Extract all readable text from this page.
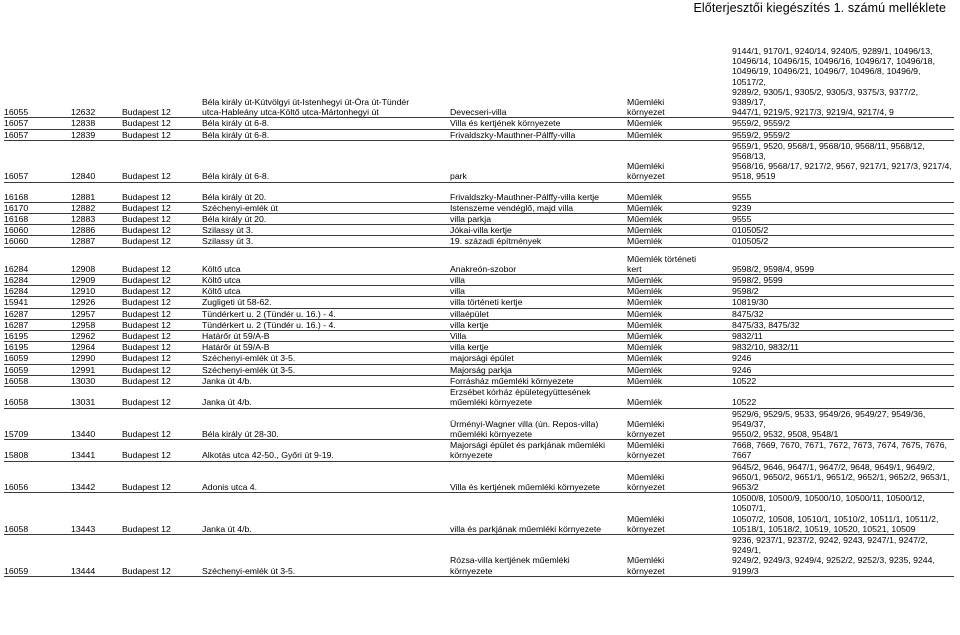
Előterjesztői kiegészítés 1. számú melléklete
16055	12632	Budapest 12	Béla király út-Kútvölgyi út-Istenhegyi út-Óra út-Tündér
utca-Hableány utca-Költő utca-Mártonhegyi út	Devecseri-villa	Műemléki
környezet	9144/1, 9170/1, 9240/14, 9240/5, 9289/1, 10496/13,
10496/14, 10496/15, 10496/16, 10496/17, 10496/18,
10496/19, 10496/21, 10496/7, 10496/8, 10496/9, 10517/2,
9289/2, 9305/1, 9305/2, 9305/3, 9375/3, 9377/2, 9389/17,
9447/1, 9219/5, 9217/3, 9219/4, 9217/4, 9

16057	12838	Budapest 12	Béla király út 6-8.	Villa és kertjének környezete	Műemlék	9559/2, 9559/2

16057	12839	Budapest 12	Béla király út 6-8.	Frivaldszky-Mauthner-Pálffy-villa	Műemlék	9559/2, 9559/2

16057	12840	Budapest 12	Béla király út 6-8.	park	Műemléki
környezet	9559/1, 9520, 9568/1, 9568/10, 9568/11, 9568/12, 9568/13,
9568/16, 9568/17, 9217/2, 9567, 9217/1, 9217/3, 9217/4,
9518, 9519

16168	12881	Budapest 12	Béla király út 20.	Frivaldszky-Mauthner-Pálffy-villa kertje	Műemlék	9555

16170	12882	Budapest 12	Széchenyi-emlék út	Istenszeme vendéglő, majd villa	Műemlék	9239

16168	12883	Budapest 12	Béla király út 20.	villa parkja	Műemlék	9555

16060	12886	Budapest 12	Szilassy út 3.	Jókai-villa kertje	Műemlék	010505/2

16060	12887	Budapest 12	Szilassy út 3.	19. századi építmények	Műemlék	010505/2

16284	12908	Budapest 12	Költő utca	Anakreón-szobor	Műemlék történeti
kert	9598/2, 9598/4, 9599

16284	12909	Budapest 12	Költő utca	villa	Műemlék	9598/2, 9599

16284	12910	Budapest 12	Költő utca	villa	Műemlék	9598/2

15941	12926	Budapest 12	Zugligeti út 58-62.	villa történeti kertje	Műemlék	10819/30

16287	12957	Budapest 12	Tündérkert u. 2 (Tündér u. 16.) - 4.	villaépület	Műemlék	8475/32

16287	12958	Budapest 12	Tündérkert u. 2 (Tündér u. 16.) - 4.	villa kertje	Műemlék	8475/33, 8475/32

16195	12962	Budapest 12	Határőr út 59/A-B	Villa	Műemlék	9832/11

16195	12964	Budapest 12	Határőr út 59/A-B	villa kertje	Műemlék	9832/10, 9832/11

16059	12990	Budapest 12	Széchenyi-emlék út 3-5.	majorsági épület	Műemlék	9246

16059	12991	Budapest 12	Széchenyi-emlék út 3-5.	Majorság parkja	Műemlék	9246

16058	13030	Budapest 12	Janka út 4/b.	Forrásház műemléki környezete	Műemlék	10522

16058	13031	Budapest 12	Janka út 4/b.	Erzsébet kórház épületegyüttesének
műemléki környezete	Műemlék	10522

15709	13440	Budapest 12	Béla király út 28-30.	Ürményi-Wagner villa (ún. Repos-villa)
műemléki környezete	Műemléki
környezet	9529/6, 9529/5, 9533, 9549/26, 9549/27, 9549/36, 9549/37,
9550/2, 9532, 9508, 9548/1

15808	13441	Budapest 12	Alkotás utca 42-50., Győri út 9-19.	Majorsági épület és parkjának műemléki
környezete	Műemléki
környezet	7668, 7669, 7670, 7671, 7672, 7673, 7674, 7675, 7676,
7667

16056	13442	Budapest 12	Adonis utca 4.	Villa és kertjének műemléki környezete	Műemléki
környezet	9645/2, 9646, 9647/1, 9647/2, 9648, 9649/1, 9649/2,
9650/1, 9650/2, 9651/1, 9651/2, 9652/1, 9652/2, 9653/1,
9653/2

16058	13443	Budapest 12	Janka út 4/b.	villa és parkjának műemléki környezete	Műemléki
környezet	10500/8, 10500/9, 10500/10, 10500/11, 10500/12, 10507/1,
10507/2, 10508, 10510/1, 10510/2, 10511/1, 10511/2,
10518/1, 10518/2, 10519, 10520, 10521, 10509

16059	13444	Budapest 12	Széchenyi-emlék út 3-5.	Rózsa-villa kertjének műemléki
környezete	Műemléki
környezet	9236, 9237/1, 9237/2, 9242, 9243, 9247/1, 9247/2, 9249/1,
9249/2, 9249/3, 9249/4, 9252/2, 9252/3, 9235, 9244,
9199/3
